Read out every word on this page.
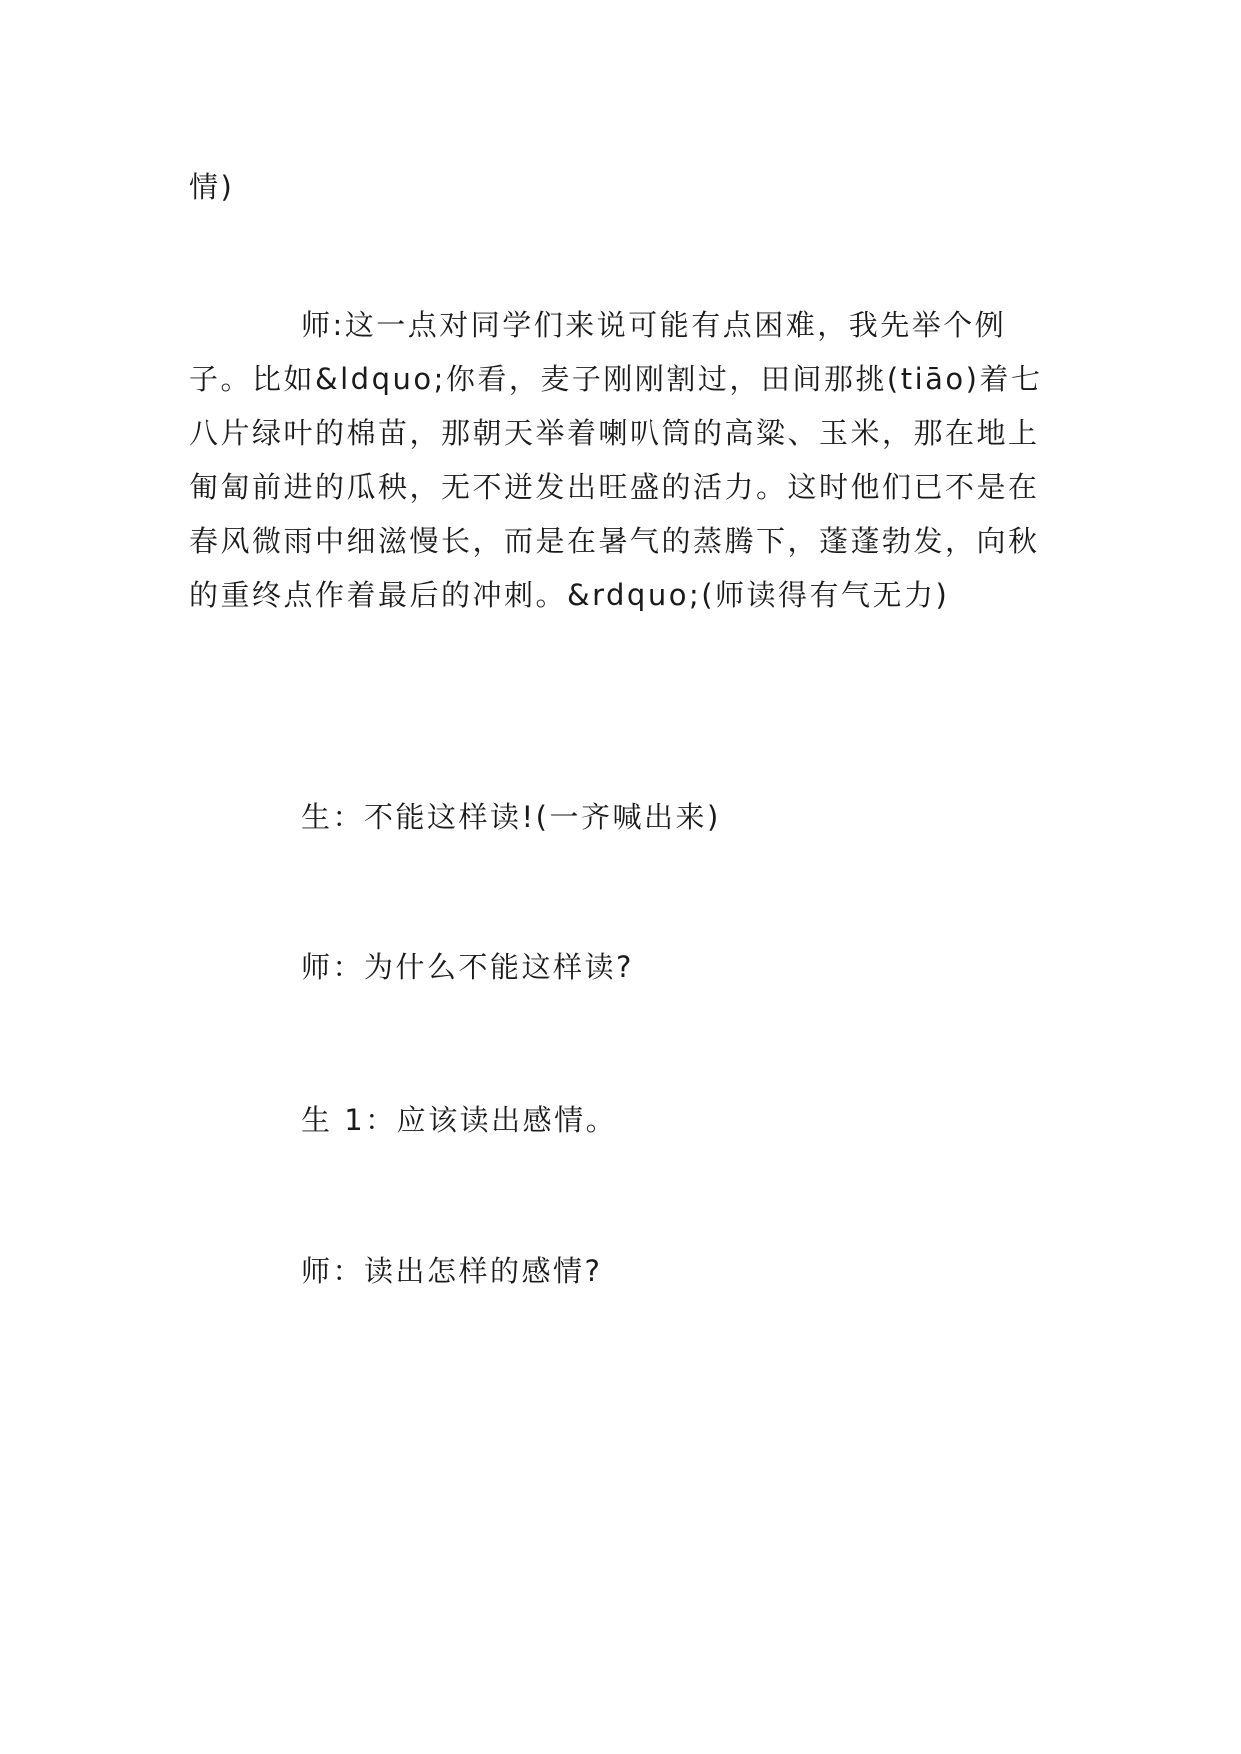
情)

师:这一点对同学们来说可能有点困难，我先举个例子。比如&ldquo;你看，麦子刚刚割过，田间那挑(tiāo)着七八片绿叶的棉苗，那朝天举着喇叭筒的高粱、玉米，那在地上匍匐前进的瓜秧，无不迸发出旺盛的活力。这时他们已不是在春风微雨中细滋慢长，而是在暑气的蒸腾下，蓬蓬勃发，向秋的重终点作着最后的冲刺。&rdquo;(师读得有气无力)

生：不能这样读!(一齐喊出来)

师：为什么不能这样读?

生 1：应该读出感情。

师：读出怎样的感情?
